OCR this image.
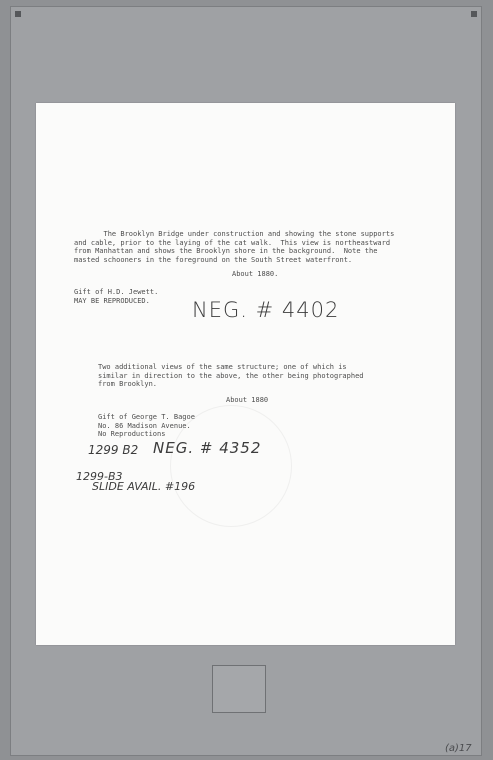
The Brooklyn Bridge under construction and showing the stone supports

and cable, prior to the laying of the cat walk.  This view is northeastward

from Manhattan and shows the Brooklyn shore in the background.  Note the

masted schooners in the foreground on the South Street waterfront.

About 1880.

Gift of H.D. Jewett.

MAY BE REPRODUCED. NEG. # 4402

Two additional views of the same structure; one of which is

similar in direction to the above, the other being photographed

from Brooklyn.

About 1880

Gift of George T. Bagoe

No. 86 Madison Avenue.

No Reproductions

1299 B2 NEG. # 4352

1299-B3

SLIDE AVAIL. #196

(a)17
